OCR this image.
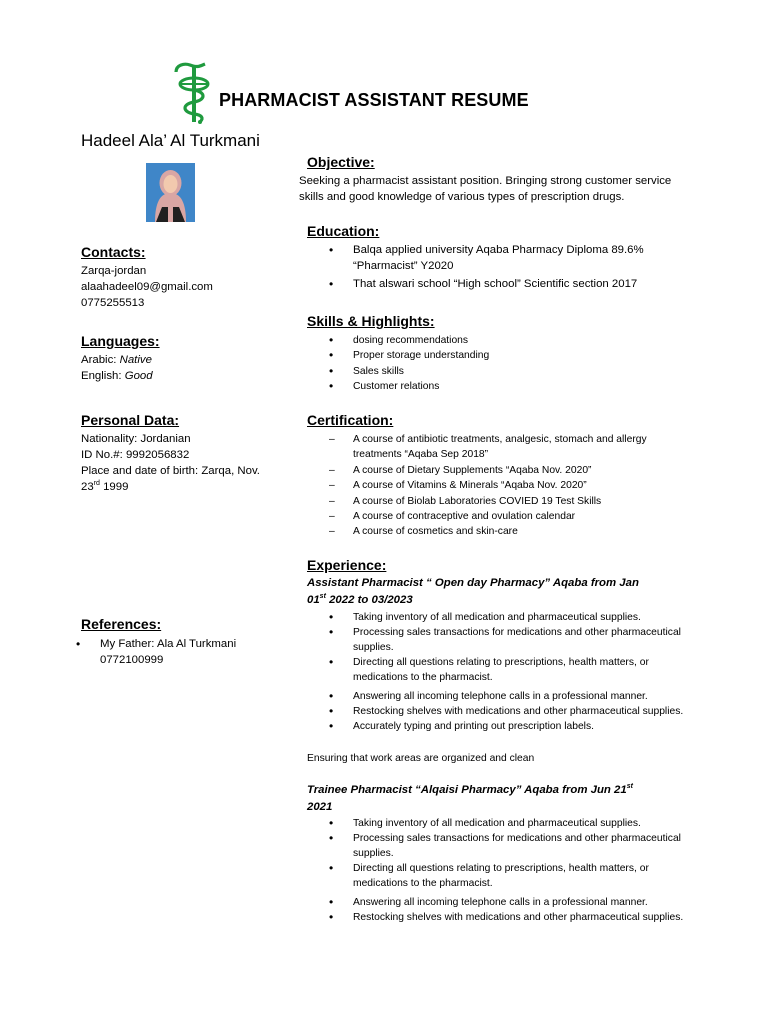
PHARMACIST ASSISTANT RESUME
Hadeel Ala’ Al Turkmani
Contacts:
Zarqa-jordan
alaahadeel09@gmail.com
0775255513
Languages:
Arabic: Native
English: Good
Personal Data:
Nationality: Jordanian
ID No.#: 9992056832
Place and date of birth: Zarqa, Nov.
23rd 1999
References:
• My Father: Ala Al Turkmani
0772100999
Objective:
Seeking a pharmacist assistant position. Bringing strong customer service skills and good knowledge of various types of prescription drugs.
Education:
• Balqa applied university Aqaba Pharmacy Diploma 89.6% “Pharmacist” Y2020
• That alswari school “High school” Scientific section 2017
Skills & Highlights:
• dosing recommendations
• Proper storage understanding
• Sales skills
• Customer relations
Certification:
– A course of antibiotic treatments, analgesic, stomach and allergy treatments “Aqaba Sep 2018”
– A course of Dietary Supplements “Aqaba Nov. 2020”
– A course of Vitamins & Minerals “Aqaba Nov. 2020”
– A course of Biolab Laboratories COVIED 19 Test Skills
– A course of contraceptive and ovulation calendar
– A course of cosmetics and skin-care
Experience:
Assistant Pharmacist “ Open day Pharmacy” Aqaba from Jan
01st 2022 to 03/2023
• Taking inventory of all medication and pharmaceutical supplies.
• Processing sales transactions for medications and other pharmaceutical supplies.
• Directing all questions relating to prescriptions, health matters, or medications to the pharmacist.
• Answering all incoming telephone calls in a professional manner.
• Restocking shelves with medications and other pharmaceutical supplies.
• Accurately typing and printing out prescription labels.
Ensuring that work areas are organized and clean
Trainee Pharmacist “Alqaisi Pharmacy” Aqaba from Jun 21st
2021
• Taking inventory of all medication and pharmaceutical supplies.
• Processing sales transactions for medications and other pharmaceutical supplies.
• Directing all questions relating to prescriptions, health matters, or medications to the pharmacist.
• Answering all incoming telephone calls in a professional manner.
• Restocking shelves with medications and other pharmaceutical supplies.
